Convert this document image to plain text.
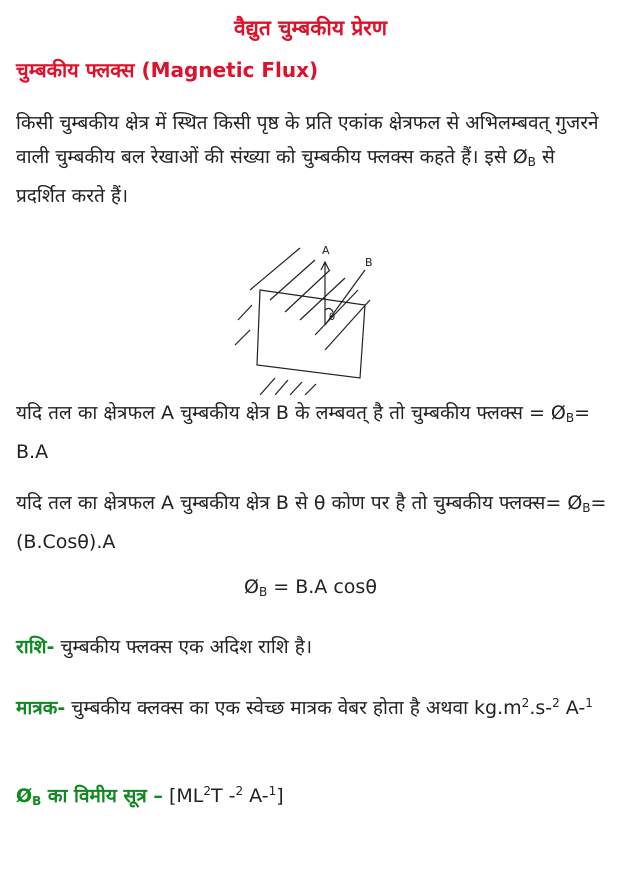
वैद्युत चुम्बकीय प्रेरण
चुम्बकीय फ्लक्स (Magnetic Flux)
किसी चुम्बकीय क्षेत्र में स्थित किसी पृष्ठ के प्रति एकांक क्षेत्रफल से अभिलम्बवत् गुजरने वाली चुम्बकीय बल रेखाओं की संख्या को चुम्बकीय फ्लक्स कहते हैं। इसे $Ø_B$ से प्रदर्शित करते हैं।
A
B
θ
यदि तल का क्षेत्रफल A चुम्बकीय क्षेत्र B के लम्बवत् है तो चुम्बकीय फ्लक्स = $Ø_B= B.A$
यदि तल का क्षेत्रफल A चुम्बकीय क्षेत्र B से θ कोण पर है तो चुम्बकीय फ्लक्स= $Ø_B= (B.Cos\theta).A$
$Ø_B = B.A$ cosθ
राशि- चुम्बकीय फ्लक्स एक अदिश राशि है।
मात्रक- चुम्बकीय क्लक्स का एक स्वेच्छ मात्रक वेबर होता है अथवा $kg.m^2.s-^2$ A-$^1$
$Ø_B$ का विमीय सूत्र – [$ML^2T$ -$^2$ A-$^1$]
